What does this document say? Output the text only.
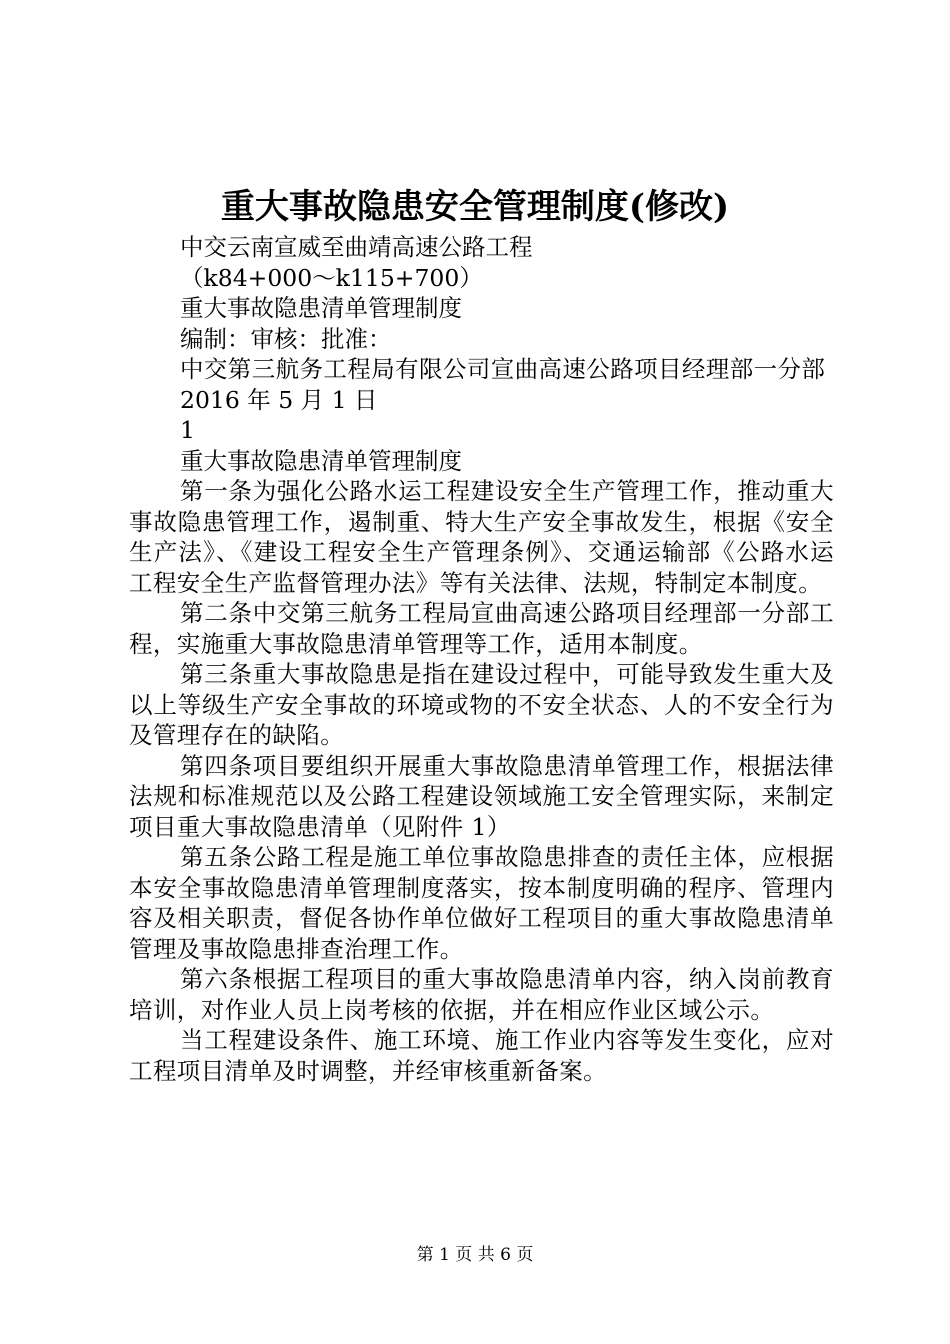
重大事故隐患安全管理制度(修改)
中交云南宣威至曲靖高速公路工程
（k84+000～k115+700）
重大事故隐患清单管理制度
编制：审核：批准：
中交第三航务工程局有限公司宣曲高速公路项目经理部一分部
2016 年 5 月 1 日
1
重大事故隐患清单管理制度

第一条为强化公路水运工程建设安全生产管理工作，推动重大事故隐患管理工作，遏制重、特大生产安全事故发生，根据《安全生产法》、《建设工程安全生产管理条例》、交通运输部《公路水运工程安全生产监督管理办法》等有关法律、法规，特制定本制度。

第二条中交第三航务工程局宣曲高速公路项目经理部一分部工程，实施重大事故隐患清单管理等工作，适用本制度。

第三条重大事故隐患是指在建设过程中，可能导致发生重大及以上等级生产安全事故的环境或物的不安全状态、人的不安全行为及管理存在的缺陷。

第四条项目要组织开展重大事故隐患清单管理工作，根据法律法规和标准规范以及公路工程建设领域施工安全管理实际，来制定项目重大事故隐患清单（见附件 1）

第五条公路工程是施工单位事故隐患排查的责任主体，应根据本安全事故隐患清单管理制度落实，按本制度明确的程序、管理内容及相关职责，督促各协作单位做好工程项目的重大事故隐患清单管理及事故隐患排查治理工作。

第六条根据工程项目的重大事故隐患清单内容，纳入岗前教育培训，对作业人员上岗考核的依据，并在相应作业区域公示。

当工程建设条件、施工环境、施工作业内容等发生变化，应对工程项目清单及时调整，并经审核重新备案。

第 1 页 共 6 页
